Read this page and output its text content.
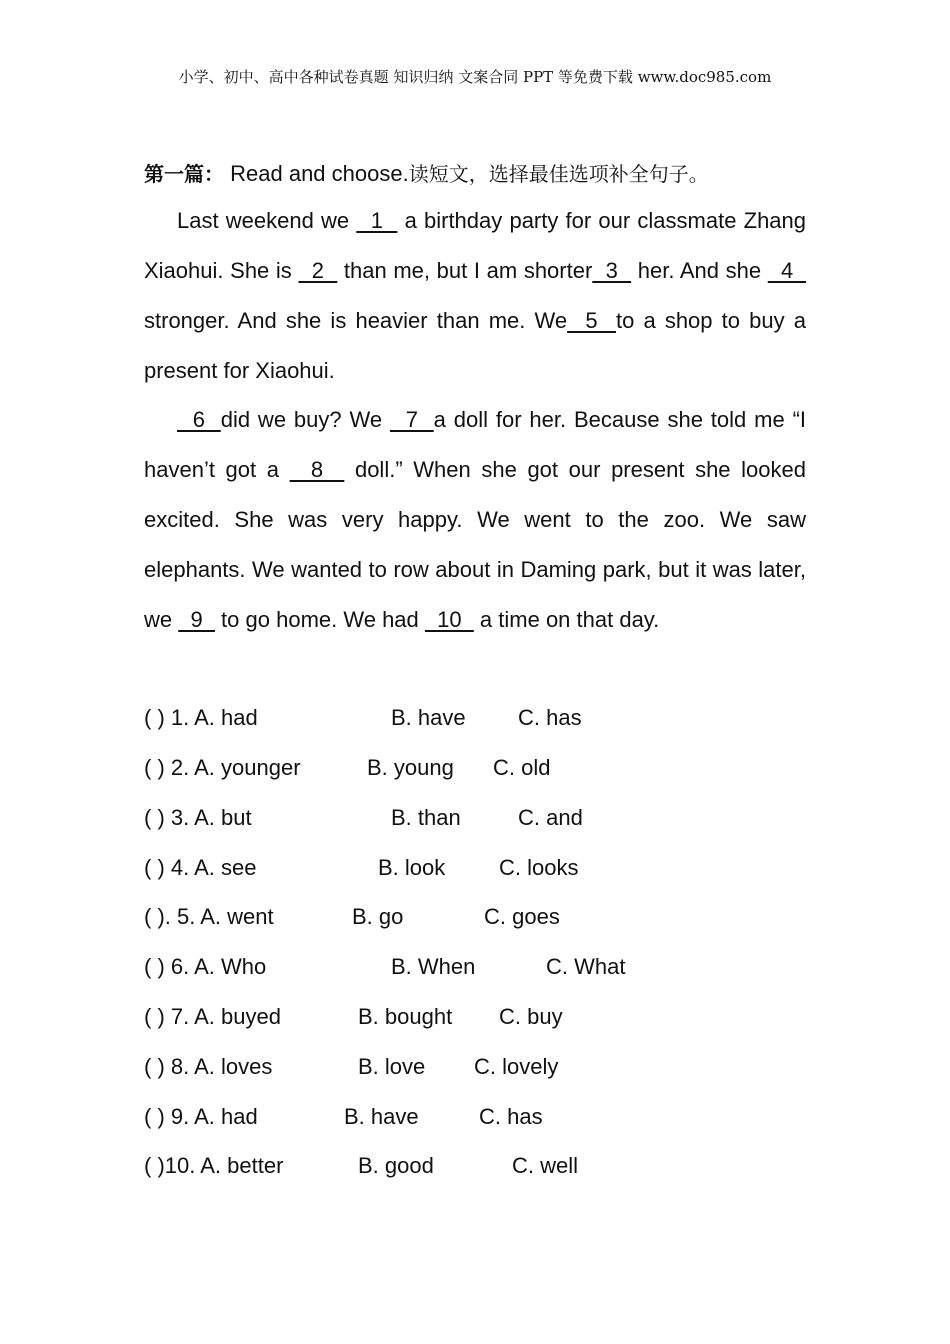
小学、初中、高中各种试卷真题 知识归纳 文案合同 PPT 等免费下载 www.doc985.com
第一篇： Read and choose.读短文，选择最佳选项补全句子。
Last weekend we   1   a birthday party for our classmate Zhang Xiaohui. She is   2   than me, but I am shorter  3   her. And she   4   stronger. And she is heavier than me. We  5  to a shop to buy a present for Xiaohui.
6  did we buy? We   7  a doll for her. Because she told me “I haven’t got a   8   doll.” When she got our present she looked excited. She was very happy. We went to the zoo. We saw elephants. We wanted to row about in Daming park, but it was later, we   9   to go home. We had   10   a time on that day.
( ) 1. A. had	B. have C. has
( ) 2. A. younger	B. young C. old
( ) 3. A. but	B. than	C. and
( ) 4. A. see	B. look C. looks
( ). 5. A. went	B. go	C. goes
( ) 6. A. Who	B. When	C. What
( ) 7. A. buyed	B. bought C. buy
( ) 8. A. loves	B. love C. lovely
( ) 9. A. had	B. have	C. has
( )10. A. better	B. good	C. well
